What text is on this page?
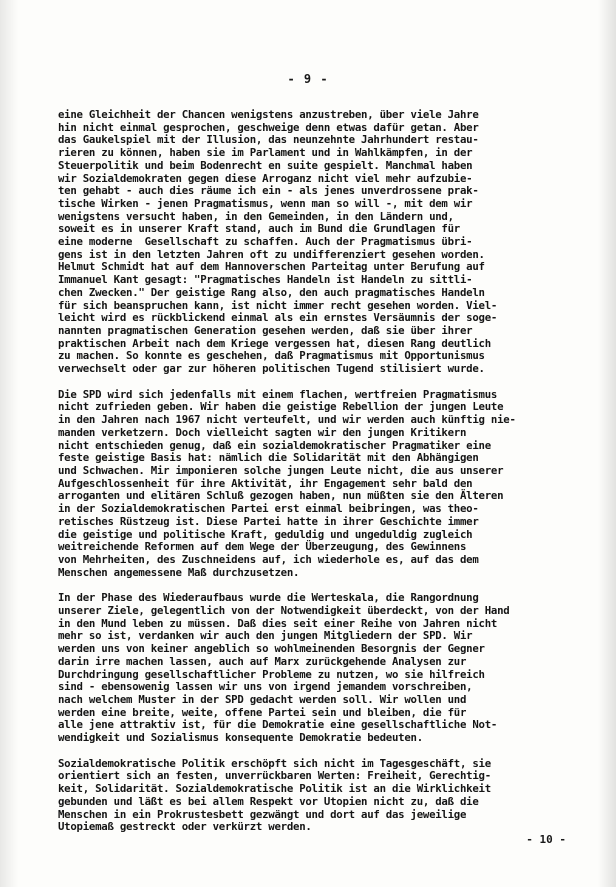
- 9 -
eine Gleichheit der Chancen wenigstens anzustreben, über viele Jahre
hin nicht einmal gesprochen, geschweige denn etwas dafür getan. Aber
das Gaukelspiel mit der Illusion, das neunzehnte Jahrhundert restau-
rieren zu können, haben sie im Parlament und in Wahlkämpfen, in der
Steuerpolitik und beim Bodenrecht en suite gespielt. Manchmal haben
wir Sozialdemokraten gegen diese Arroganz nicht viel mehr aufzubie-
ten gehabt - auch dies räume ich ein - als jenes unverdrossene prak-
tische Wirken - jenen Pragmatismus, wenn man so will -, mit dem wir
wenigstens versucht haben, in den Gemeinden, in den Ländern und,
soweit es in unserer Kraft stand, auch im Bund die Grundlagen für
eine moderne  Gesellschaft zu schaffen. Auch der Pragmatismus übri-
gens ist in den letzten Jahren oft zu undifferenziert gesehen worden.
Helmut Schmidt hat auf dem Hannoverschen Parteitag unter Berufung auf
Immanuel Kant gesagt: "Pragmatisches Handeln ist Handeln zu sittli-
chen Zwecken." Der geistige Rang also, den auch pragmatisches Handeln
für sich beanspruchen kann, ist nicht immer recht gesehen worden. Viel-
leicht wird es rückblickend einmal als ein ernstes Versäumnis der soge-
nannten pragmatischen Generation gesehen werden, daß sie über ihrer
praktischen Arbeit nach dem Kriege vergessen hat, diesen Rang deutlich
zu machen. So konnte es geschehen, daß Pragmatismus mit Opportunismus
verwechselt oder gar zur höheren politischen Tugend stilisiert wurde.
Die SPD wird sich jedenfalls mit einem flachen, wertfreien Pragmatismus
nicht zufrieden geben. Wir haben die geistige Rebellion der jungen Leute
in den Jahren nach 1967 nicht verteufelt, und wir werden auch künftig nie-
manden verketzern. Doch vielleicht sagten wir den jungen Kritikern
nicht entschieden genug, daß ein sozialdemokratischer Pragmatiker eine
feste geistige Basis hat: nämlich die Solidarität mit den Abhängigen
und Schwachen. Mir imponieren solche jungen Leute nicht, die aus unserer
Aufgeschlossenheit für ihre Aktivität, ihr Engagement sehr bald den
arroganten und elitären Schluß gezogen haben, nun müßten sie den Älteren
in der Sozialdemokratischen Partei erst einmal beibringen, was theo-
retisches Rüstzeug ist. Diese Partei hatte in ihrer Geschichte immer
die geistige und politische Kraft, geduldig und ungeduldig zugleich
weitreichende Reformen auf dem Wege der Überzeugung, des Gewinnens
von Mehrheiten, des Zuschneidens auf, ich wiederhole es, auf das dem
Menschen angemessene Maß durchzusetzen.
In der Phase des Wiederaufbaus wurde die Werteskala, die Rangordnung
unserer Ziele, gelegentlich von der Notwendigkeit überdeckt, von der Hand
in den Mund leben zu müssen. Daß dies seit einer Reihe von Jahren nicht
mehr so ist, verdanken wir auch den jungen Mitgliedern der SPD. Wir
werden uns von keiner angeblich so wohlmeinenden Besorgnis der Gegner
darin irre machen lassen, auch auf Marx zurückgehende Analysen zur
Durchdringung gesellschaftlicher Probleme zu nutzen, wo sie hilfreich
sind - ebensowenig lassen wir uns von irgend jemandem vorschreiben,
nach welchem Muster in der SPD gedacht werden soll. Wir wollen und
werden eine breite, weite, offene Partei sein und bleiben, die für
alle jene attraktiv ist, für die Demokratie eine gesellschaftliche Not-
wendigkeit und Sozialismus konsequente Demokratie bedeuten.
Sozialdemokratische Politik erschöpft sich nicht im Tagesgeschäft, sie
orientiert sich an festen, unverrückbaren Werten: Freiheit, Gerechtig-
keit, Solidarität. Sozialdemokratische Politik ist an die Wirklichkeit
gebunden und läßt es bei allem Respekt vor Utopien nicht zu, daß die
Menschen in ein Prokrustesbett gezwängt und dort auf das jeweilige
Utopiemaß gestreckt oder verkürzt werden.
- 10 -
